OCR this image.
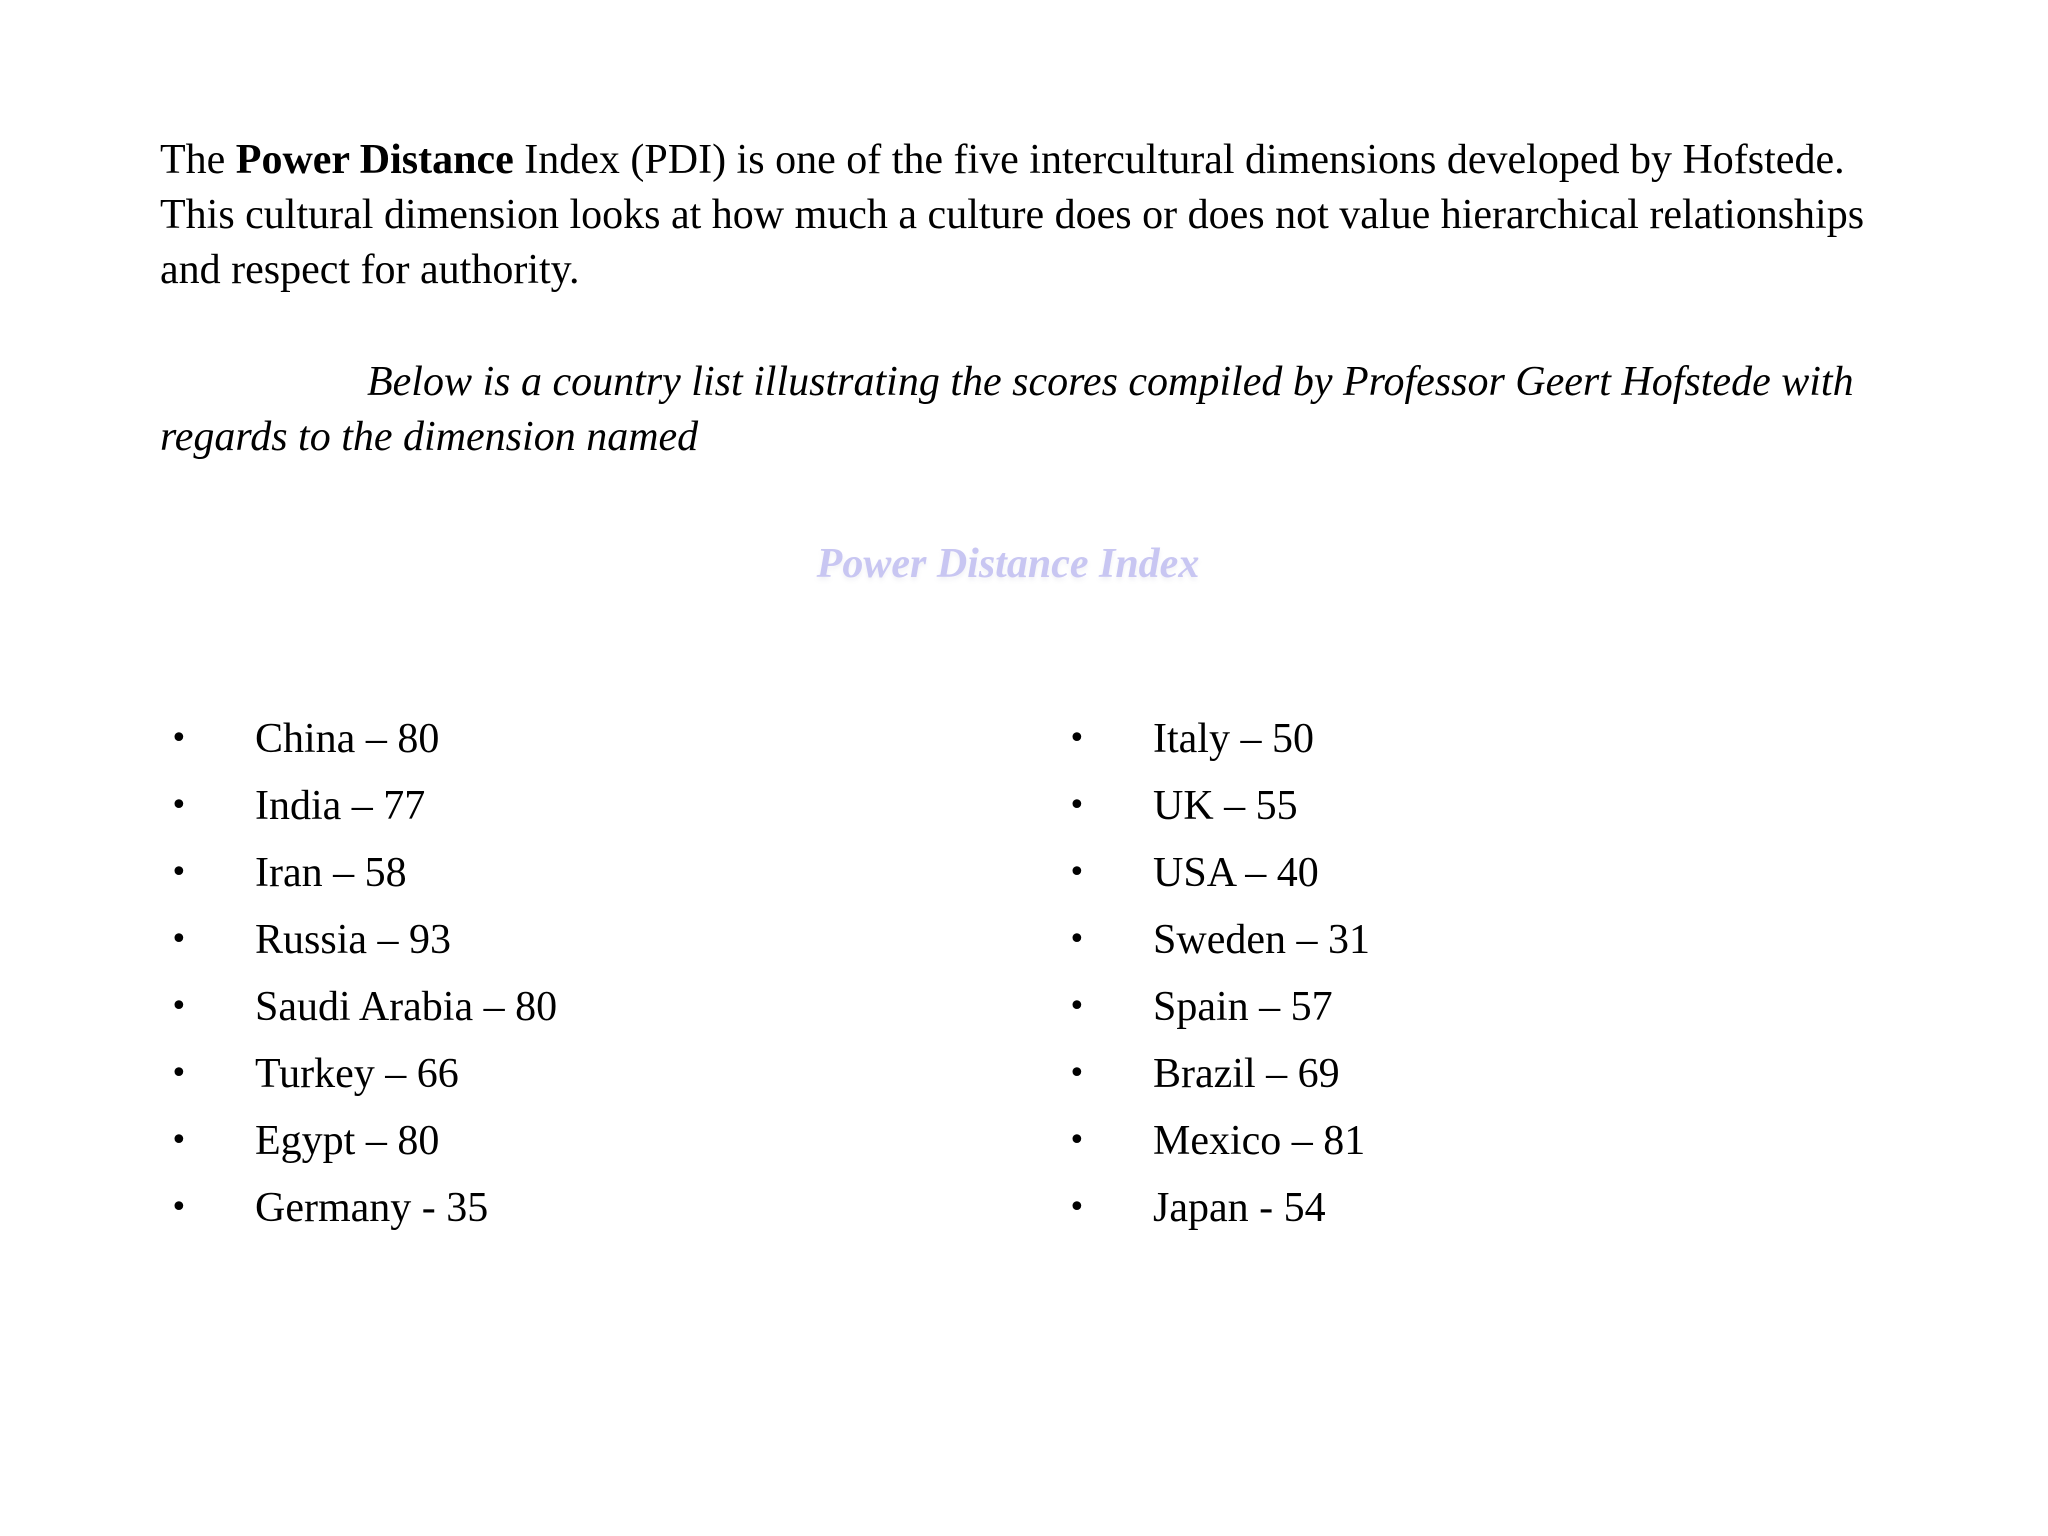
The Power Distance Index (PDI) is one of the five intercultural dimensions developed by Hofstede. This cultural dimension looks at how much a culture does or does not value hierarchical relationships and respect for authority.

Below is a country list illustrating the scores compiled by Professor Geert Hofstede with regards to the dimension named

Power Distance Index

• China – 80
• India – 77
• Iran – 58
• Russia – 93
• Saudi Arabia – 80
• Turkey – 66
• Egypt – 80
• Germany - 35
• Italy – 50
• UK – 55
• USA – 40
• Sweden – 31
• Spain – 57
• Brazil – 69
• Mexico – 81
• Japan - 54
